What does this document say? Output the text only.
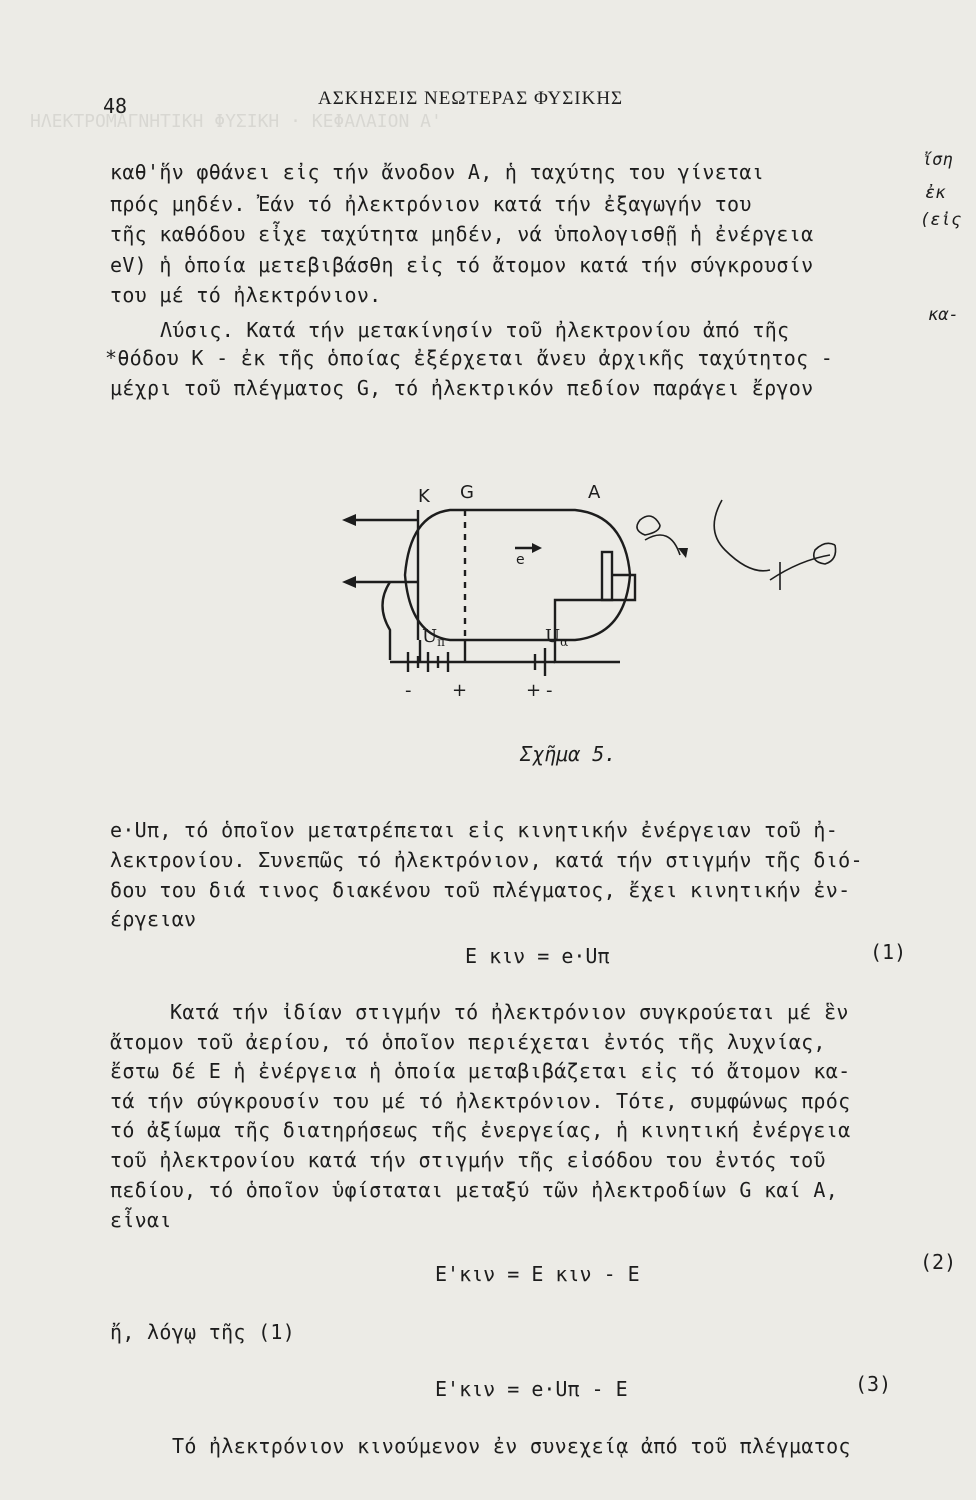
ΗΛΕΚΤΡΟΜΑΓΝΗΤΙΚΗ ΦΥΣΙΚΗ · ΚΕΦΑΛΑΙΟΝ Α'
48	ΑΣΚΗΣΕΙΣ ΝΕΩΤΕΡΑΣ ΦΥΣΙΚΗΣ
καθ'ἥν φθάνει εἰς τήν ἄνοδον Α, ἡ ταχύτης του γίνεται
πρός μηδέν. Ἐάν τό ἠλεκτρόνιον κατά τήν ἐξαγωγήν του
τῆς καθόδου εἶχε ταχύτητα μηδέν, νά ὑπολογισθῇ ἡ ἐνέργεια
eV) ἡ ὁποία μετεβιβάσθη εἰς τό ἄτομον κατά τήν σύγκρουσίν
του μέ τό ἠλεκτρόνιον.
Λύσις. Κατά τήν μετακίνησίν τοῦ ἠλεκτρονίου ἀπό τῆς
*θόδου Κ - ἐκ τῆς ὁποίας ἐξέρχεται ἄνευ ἀρχικῆς ταχύτητος -
μέχρι τοῦ πλέγματος G, τό ἠλεκτρικόν πεδίον παράγει ἔργον
ἴση
ἐκ
(εἰς
κα-
K G	A
e
$U_\pi$	$U_\alpha$
- +	+ -
Σχῆμα 5.
e·Uπ, τό ὁποῖον μετατρέπεται εἰς κινητικήν ἐνέργειαν τοῦ ἠ-
λεκτρονίου. Συνεπῶς τό ἠλεκτρόνιον, κατά τήν στιγμήν τῆς διό-
δου του διά τινος διακένου τοῦ πλέγματος, ἔχει κινητικήν ἐν-
έργειαν
E κιν = e·Uπ	(1)
Κατά τήν ἰδίαν στιγμήν τό ἠλεκτρόνιον συγκρούεται μέ ἓν
ἄτομον τοῦ ἀερίου, τό ὁποῖον περιέχεται ἐντός τῆς λυχνίας,
ἔστω δέ Ε ἡ ἐνέργεια ἡ ὁποία μεταβιβάζεται εἰς τό ἄτομον κα-
τά τήν σύγκρουσίν του μέ τό ἠλεκτρόνιον. Τότε, συμφώνως πρός
τό ἀξίωμα τῆς διατηρήσεως τῆς ἐνεργείας, ἡ κινητική ἐνέργεια
τοῦ ἠλεκτρονίου κατά τήν στιγμήν τῆς εἰσόδου του ἐντός τοῦ
πεδίου, τό ὁποῖον ὑφίσταται μεταξύ τῶν ἠλεκτροδίων G καί Α,
εἶναι
E'κιν = E κιν - E	(2)
ἤ, λόγῳ τῆς (1)
E'κιν = e·Uπ - E	(3)
Τό ἠλεκτρόνιον κινούμενον ἐν συνεχείᾳ ἀπό τοῦ πλέγματος
